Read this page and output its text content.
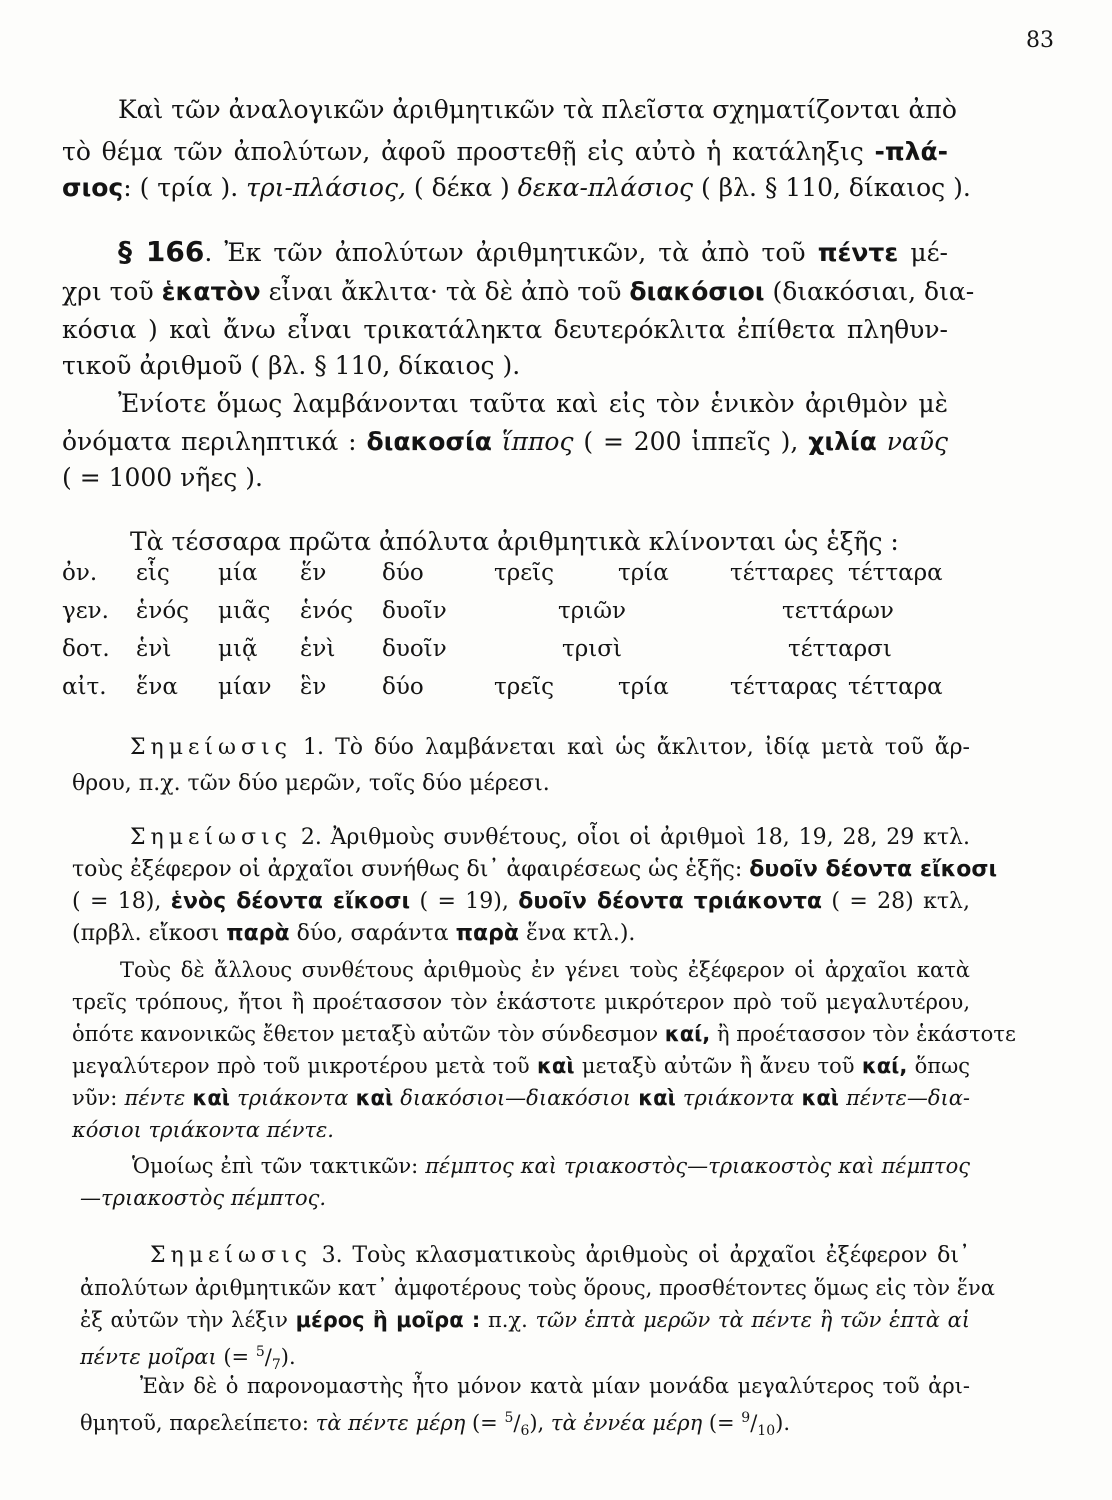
83
Καὶ τῶν ἀναλογικῶν ἀριθμητικῶν τὰ πλεῖστα σχηματίζονται ἀπὸ
τὸ θέμα τῶν ἀπολύτων, ἀφοῦ προστεθῇ εἰς αὐτὸ ἡ κατάληξις -πλά-
σιος: ( τρία ). τρι-πλάσιος, ( δέκα ) δεκα-πλάσιος ( βλ. § 110, δίκαιος ).
§ 166. Ἐκ τῶν ἀπολύτων ἀριθμητικῶν, τὰ ἀπὸ τοῦ πέντε μέ-
χρι τοῦ ἑκατὸν εἶναι ἄκλιτα· τὰ δὲ ἀπὸ τοῦ διακόσιοι (διακόσιαι, δια-
κόσια ) καὶ ἄνω εἶναι τρικατάληκτα δευτερόκλιτα ἐπίθετα πληθυν-
τικοῦ ἀριθμοῦ ( βλ. § 110, δίκαιος ).
Ἐνίοτε ὅμως λαμβάνονται ταῦτα καὶ εἰς τὸν ἑνικὸν ἀριθμὸν μὲ
ὀνόματα περιληπτικά : διακοσία ἵππος ( = 200 ἱππεῖς ), χιλία ναῦς
( = 1000 νῆες ).
Τὰ τέσσαρα πρῶτα ἀπόλυτα ἀριθμητικὰ κλίνονται ὡς ἑξῆς :
ὀν. εἷς μία ἕν δύο	τρεῖς	τρία	τέτταρες τέτταρα
γεν. ἑνός μιᾶς ἑνός δυοῖν	τριῶν	τεττάρων
δοτ. ἑνὶ μιᾷ ἑνὶ δυοῖν	τρισὶ	τέτταρσι
αἰτ. ἕνα μίαν ἓν δύο	τρεῖς	τρία	τέτταρας τέτταρα
Σημείωσις 1. Τὸ δύο λαμβάνεται καὶ ὡς ἄκλιτον, ἰδίᾳ μετὰ τοῦ ἄρ-
θρου, π.χ. τῶν δύο μερῶν, τοῖς δύο μέρεσι.
Σημείωσις 2. Ἀριθμοὺς συνθέτους, οἷοι οἱ ἀριθμοὶ 18, 19, 28, 29 κτλ.
τοὺς ἐξέφερον οἱ ἀρχαῖοι συνήθως δι᾿ ἀφαιρέσεως ὡς ἑξῆς: δυοῖν δέοντα εἴκοσι
( = 18), ἑνὸς δέοντα εἴκοσι ( = 19), δυοῖν δέοντα τριάκοντα ( = 28) κτλ,
(πρβλ. εἴκοσι παρὰ δύο, σαράντα παρὰ ἕνα κτλ.).
Τοὺς δὲ ἄλλους συνθέτους ἀριθμοὺς ἐν γένει τοὺς ἐξέφερον οἱ ἀρχαῖοι κατὰ
τρεῖς τρόπους, ἤτοι ἢ προέτασσον τὸν ἑκάστοτε μικρότερον πρὸ τοῦ μεγαλυτέρου,
ὁπότε κανονικῶς ἔθετον μεταξὺ αὐτῶν τὸν σύνδεσμον καί, ἢ προέτασσον τὸν ἑκάστοτε
μεγαλύτερον πρὸ τοῦ μικροτέρου μετὰ τοῦ καὶ μεταξὺ αὐτῶν ἢ ἄνευ τοῦ καί, ὅπως
νῦν: πέντε καὶ τριάκοντα καὶ διακόσιοι—διακόσιοι καὶ τριάκοντα καὶ πέντε—δια-
κόσιοι τριάκοντα πέντε.
Ὁμοίως ἐπὶ τῶν τακτικῶν: πέμπτος καὶ τριακοστὸς—τριακοστὸς καὶ πέμπτος
—τριακοστὸς πέμπτος.
Σημείωσις 3. Τοὺς κλασματικοὺς ἀριθμοὺς οἱ ἀρχαῖοι ἐξέφερον δι᾿
ἀπολύτων ἀριθμητικῶν κατ᾿ ἀμφοτέρους τοὺς ὅρους, προσθέτοντες ὅμως εἰς τὸν ἕνα
ἐξ αὐτῶν τὴν λέξιν μέρος ἢ μοῖρα : π.χ. τῶν ἑπτὰ μερῶν τὰ πέντε ἢ τῶν ἑπτὰ αἱ
πέντε μοῖραι (= $^5/_7$).
Ἐὰν δὲ ὁ παρονομαστὴς ἦτο μόνον κατὰ μίαν μονάδα μεγαλύτερος τοῦ ἀρι-
θμητοῦ, παρελείπετο: τὰ πέντε μέρη (= $^5/_6$), τὰ ἐννέα μέρη (= $^9/_{10}$).
